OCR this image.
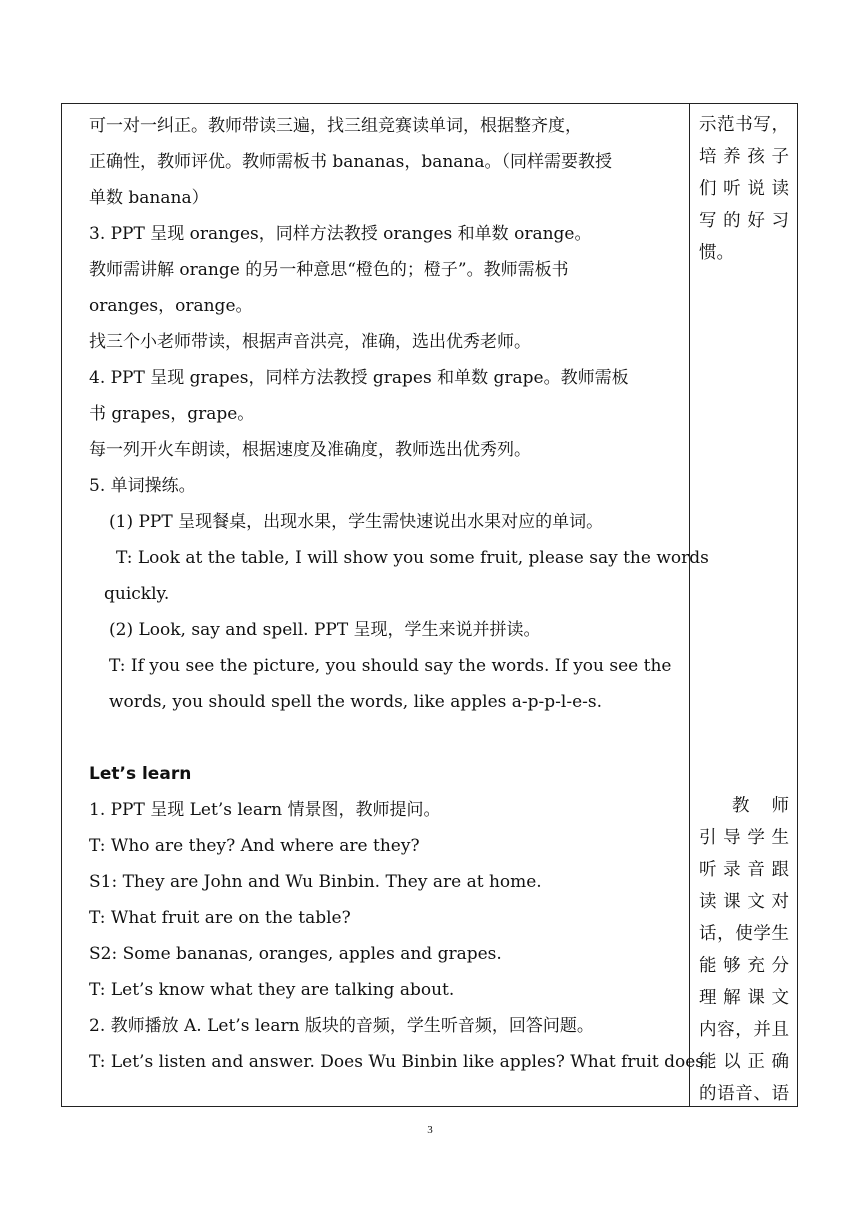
可一对一纠正。教师带读三遍，找三组竞赛读单词，根据整齐度，
正确性，教师评优。教师需板书 bananas，banana。（同样需要教授
单数 banana）
3. PPT 呈现 oranges，同样方法教授 oranges 和单数 orange。
教师需讲解 orange 的另一种意思“橙色的；橙子”。教师需板书
oranges，orange。
找三个小老师带读，根据声音洪亮，准确，选出优秀老师。
4. PPT 呈现 grapes，同样方法教授 grapes 和单数 grape。教师需板
书 grapes，grape。
每一列开火车朗读，根据速度及准确度，教师选出优秀列。
5. 单词操练。
(1) PPT 呈现餐桌，出现水果，学生需快速说出水果对应的单词。
T: Look at the table, I will show you some fruit, please say the words
quickly.
(2) Look, say and spell. PPT 呈现，学生来说并拼读。
T: If you see the picture, you should say the words. If you see the
words, you should spell the words, like apples a-p-p-l-e-s.
Let’s learn
1. PPT 呈现 Let’s learn 情景图，教师提问。
T: Who are they? And where are they?
S1: They are John and Wu Binbin. They are at home.
T: What fruit are on the table?
S2: Some bananas, oranges, apples and grapes.
T: Let’s know what they are talking about.
2. 教师播放 A. Let’s learn 版块的音频，学生听音频，回答问题。
T: Let’s listen and answer. Does Wu Binbin like apples? What fruit does
示 范 书 写 ，
培 养 孩 子
们 听 说 读
写 的 好 习
惯 。
教 师
引 导 学 生
听 录 音 跟
读 课 文 对
话 ， 使 学 生
能 够 充 分
理 解 课 文
内 容 ， 并 且
能 以 正 确
的 语 音 、 语
3
